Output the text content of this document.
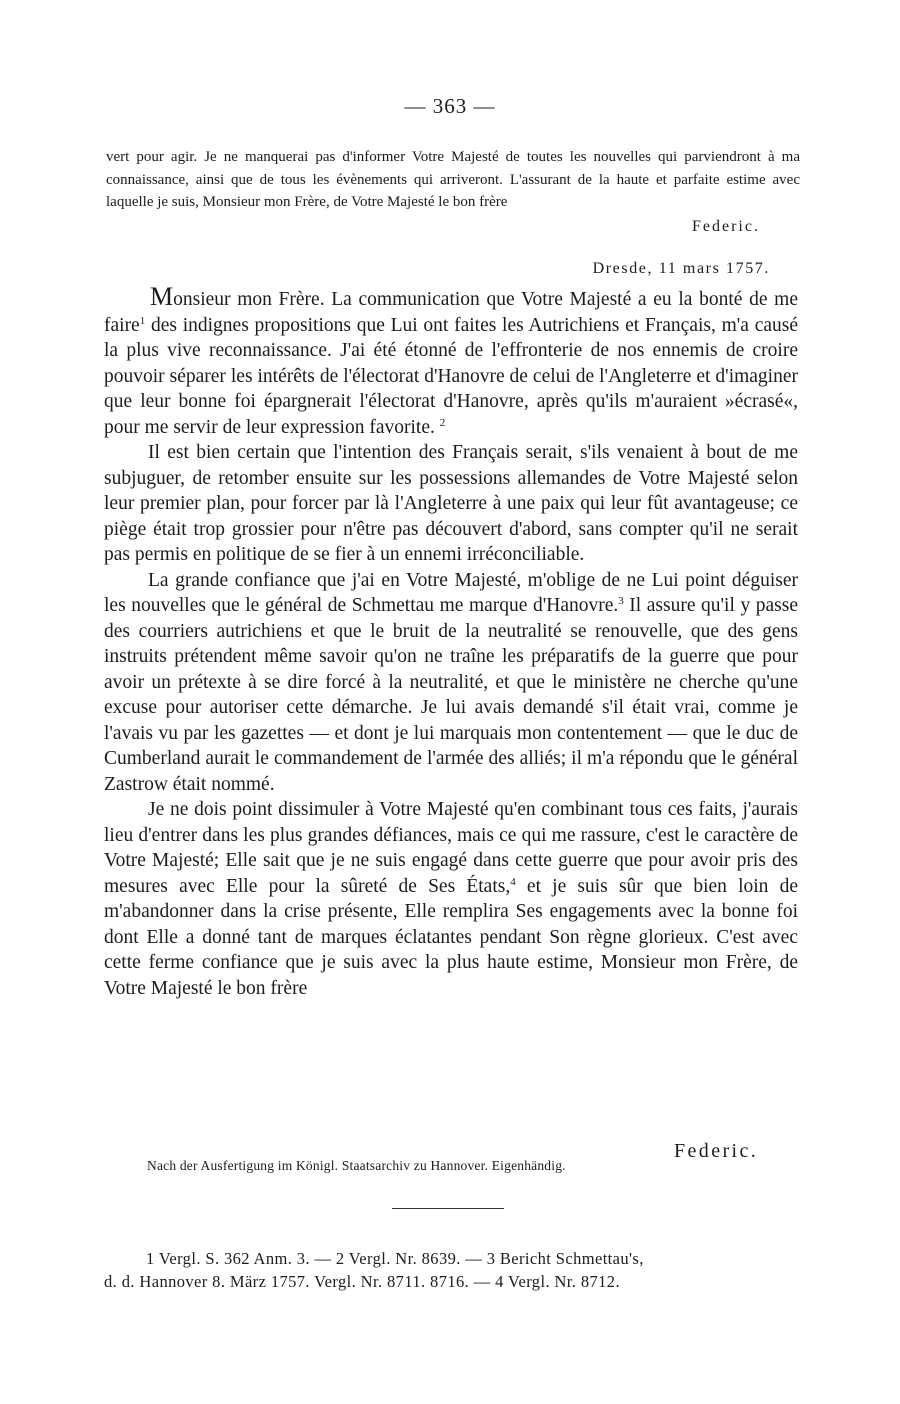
— 363 —
vert pour agir. Je ne manquerai pas d'informer Votre Majesté de toutes les nouvelles qui parviendront à ma connaissance, ainsi que de tous les évènements qui arriveront. L'assurant de la haute et parfaite estime avec laquelle je suis, Monsieur mon Frère, de Votre Majesté le bon frère
Federic.
Dresde, 11 mars 1757.

Monsieur mon Frère. La communication que Votre Majesté a eu la bonté de me faire$^1$ des indignes propositions que Lui ont faites les Autrichiens et Français, m'a causé la plus vive reconnaissance. J'ai été étonné de l'effronterie de nos ennemis de croire pouvoir séparer les intérêts de l'électorat d'Hanovre de celui de l'Angleterre et d'imaginer que leur bonne foi épargnerait l'électorat d'Hanovre, après qu'ils m'auraient »écrasé«, pour me servir de leur expression favorite. $^2$

Il est bien certain que l'intention des Français serait, s'ils venaient à bout de me subjuguer, de retomber ensuite sur les possessions allemandes de Votre Majesté selon leur premier plan, pour forcer par là l'Angleterre à une paix qui leur fût avantageuse; ce piège était trop grossier pour n'être pas découvert d'abord, sans compter qu'il ne serait pas permis en politique de se fier à un ennemi irréconciliable.

La grande confiance que j'ai en Votre Majesté, m'oblige de ne Lui point déguiser les nouvelles que le général de Schmettau me marque d'Hanovre.$^3$ Il assure qu'il y passe des courriers autrichiens et que le bruit de la neutralité se renouvelle, que des gens instruits prétendent même savoir qu'on ne traîne les préparatifs de la guerre que pour avoir un prétexte à se dire forcé à la neutralité, et que le ministère ne cherche qu'une excuse pour autoriser cette démarche. Je lui avais demandé s'il était vrai, comme je l'avais vu par les gazettes — et dont je lui marquais mon contentement — que le duc de Cumberland aurait le commandement de l'armée des alliés; il m'a répondu que le général Zastrow était nommé.

Je ne dois point dissimuler à Votre Majesté qu'en combinant tous ces faits, j'aurais lieu d'entrer dans les plus grandes défiances, mais ce qui me rassure, c'est le caractère de Votre Majesté; Elle sait que je ne suis engagé dans cette guerre que pour avoir pris des mesures avec Elle pour la sûreté de Ses États,$^4$ et je suis sûr que bien loin de m'abandonner dans la crise présente, Elle remplira Ses engagements avec la bonne foi dont Elle a donné tant de marques éclatantes pendant Son règne glorieux. C'est avec cette ferme confiance que je suis avec la plus haute estime, Monsieur mon Frère, de Votre Majesté le bon frère

Federic.
Nach der Ausfertigung im Königl. Staatsarchiv zu Hannover. Eigenhändig.
1 Vergl. S. 362 Anm. 3. — 2 Vergl. Nr. 8639. — 3 Bericht Schmettau's,
d. d. Hannover 8. März 1757. Vergl. Nr. 8711. 8716. — 4 Vergl. Nr. 8712.
